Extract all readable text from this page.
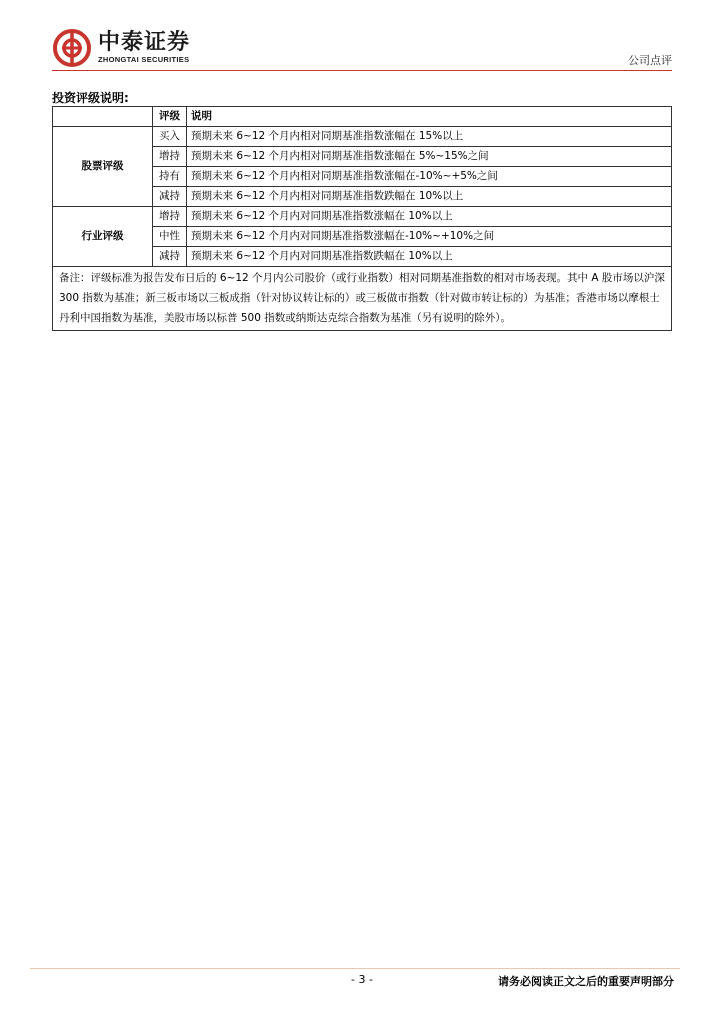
中泰证券
ZHONGTAI SECURITIES	公司点评
投资评级说明:
	评级	说明
股票评级	买入	预期未来 6~12 个月内相对同期基准指数涨幅在 15%以上
	增持	预期未来 6~12 个月内相对同期基准指数涨幅在 5%~15%之间
	持有	预期未来 6~12 个月内相对同期基准指数涨幅在-10%~+5%之间
	减持	预期未来 6~12 个月内相对同期基准指数跌幅在 10%以上
行业评级	增持	预期未来 6~12 个月内对同期基准指数涨幅在 10%以上
	中性	预期未来 6~12 个月内对同期基准指数涨幅在-10%~+10%之间
	减持	预期未来 6~12 个月内对同期基准指数跌幅在 10%以上
备注：评级标准为报告发布日后的 6~12 个月内公司股价（或行业指数）相对同期基准指数的相对市场表现。其中 A 股市场以沪深 300 指数为基准；新三板市场以三板成指（针对协议转让标的）或三板做市指数（针对做市转让标的）为基准；香港市场以摩根士丹利中国指数为基准，美股市场以标普 500 指数或纳斯达克综合指数为基准（另有说明的除外）。		
- 3 -	请务必阅读正文之后的重要声明部分
